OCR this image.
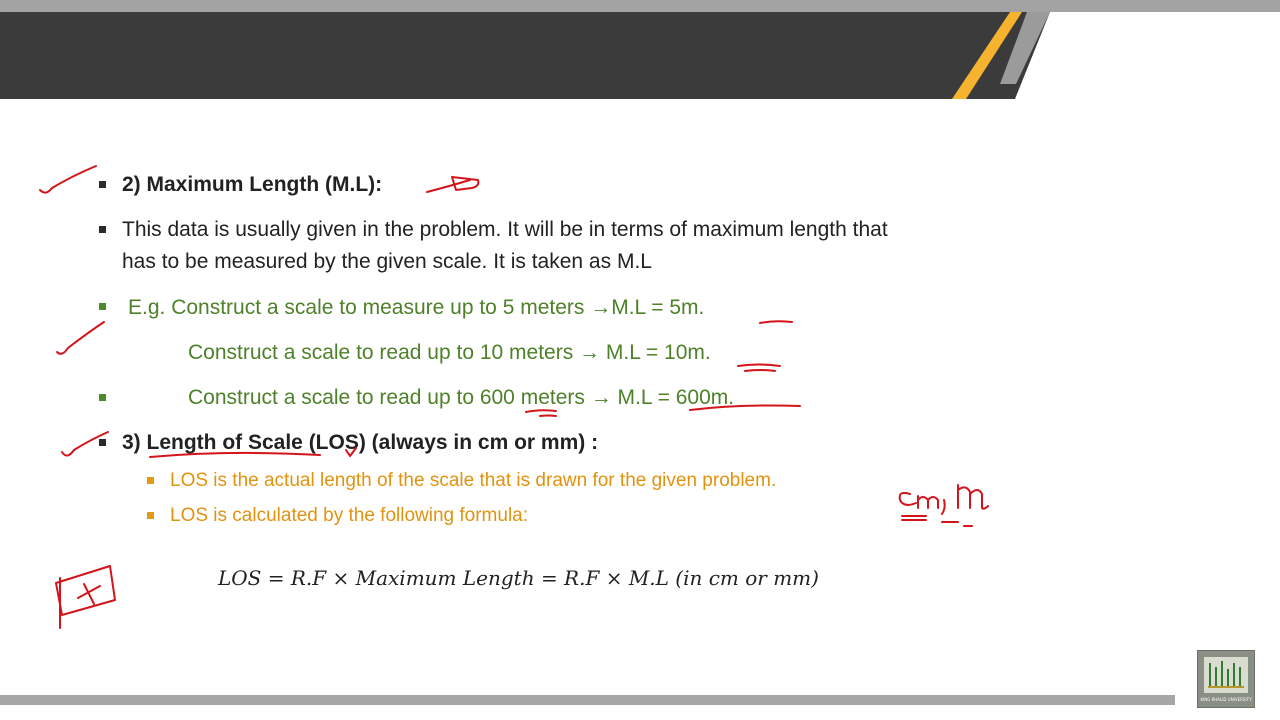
2) Maximum Length (M.L):
This data is usually given in the problem. It will be in terms of maximum length that
has to be measured by the given scale. It is taken as M.L
E.g. Construct a scale to measure up to 5 meters →M.L = 5m.
Construct a scale to read up to 10 meters → M.L = 10m.
Construct a scale to read up to 600 meters → M.L = 600m.
3) Length of Scale (LOS) (always in cm or mm) :
LOS is the actual length of the scale that is drawn for the given problem.
LOS is calculated by the following formula:
LOS = R.F × Maximum Length = R.F × M.L (in cm or mm)
KING KHALID UNIVERSITY
